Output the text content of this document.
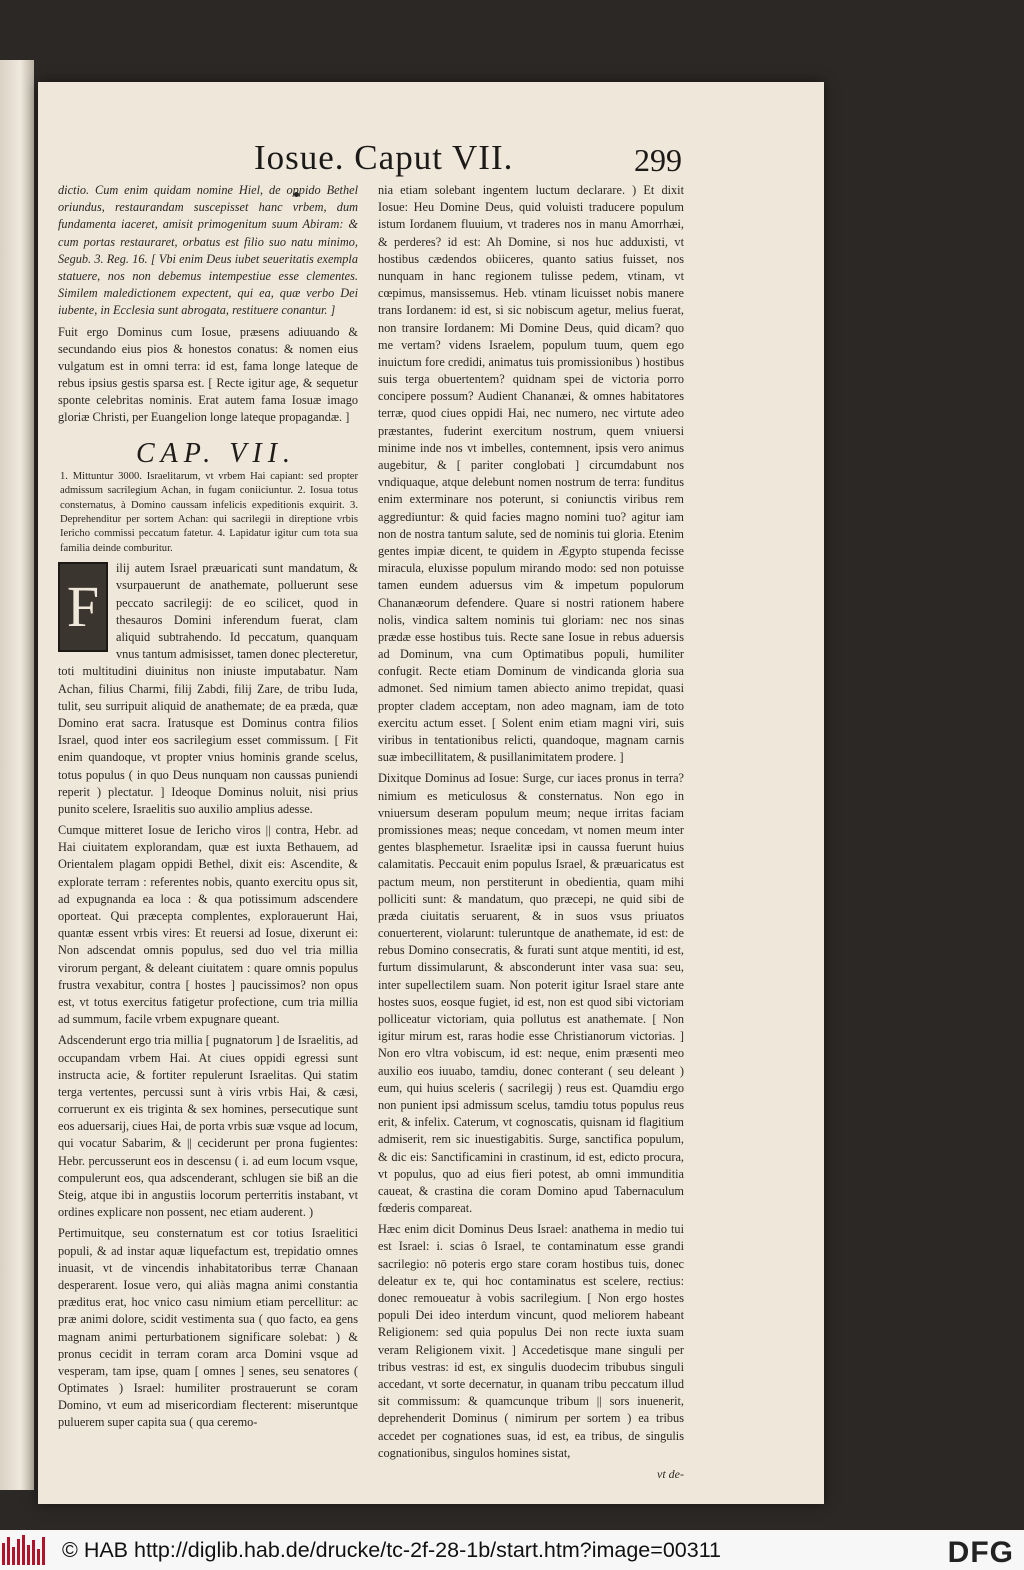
Iosue. Caput VII.	299

dictio. Cum enim quidam nomine Hiel, de oppido Bethel oriundus, restaurandam suscepisset hanc vrbem, dum fundamenta iaceret, amisit primogenitum suum Abiram: & cum portas restauraret, orbatus est filio suo natu minimo, Segub. 3. Reg. 16. [ Vbi enim Deus iubet seueritatis exempla statuere, nos non debemus intempestiue esse clementes. Similem maledictionem expectent, qui ea, quæ verbo Dei iubente, in Ecclesia sunt abrogata, restituere conantur. ]

Fuit ergo Dominus cum Iosue, præsens adiuuando & secundando eius pios & honestos conatus: & nomen eius vulgatum est in omni terra: id est, fama longe lateque de rebus ipsius gestis sparsa est. [ Recte igitur age, & sequetur sponte celebritas nominis. Erat autem fama Iosuæ imago gloriæ Christi, per Euangelion longe lateque propagandæ. ]

CAP. VII.

1. Mittuntur 3000. Israelitarum, vt vrbem Hai capiant: sed propter admissum sacrilegium Achan, in fugam coniiciuntur. 2. Iosua totus consternatus, à Domino caussam infelicis expeditionis exquirit. 3. Deprehenditur per sortem Achan: qui sacrilegii in direptione vrbis Iericho commissi peccatum fatetur. 4. Lapidatur igitur cum tota sua familia deinde comburitur.

F
ilij autem Israel præuaricati sunt mandatum, & vsurpauerunt de anathemate, polluerunt sese peccato sacrilegij: de eo scilicet, quod in thesauros Domini inferendum fuerat, clam aliquid subtrahendo. Id peccatum, quanquam vnus tantum admisisset, tamen donec plecteretur, toti multitudini diuinitus non iniuste imputabatur. Nam Achan, filius Charmi, filij Zabdi, filij Zare, de tribu Iuda, tulit, seu surripuit aliquid de anathemate; de ea præda, quæ Domino erat sacra. Iratusque est Dominus contra filios Israel, quod inter eos sacrilegium esset commissum. [ Fit enim quandoque, vt propter vnius hominis grande scelus, totus populus ( in quo Deus nunquam non caussas puniendi reperit ) plectatur. ] Ideoque Dominus noluit, nisi prius punito scelere, Israelitis suo auxilio amplius adesse.

Cumque mitteret Iosue de Iericho viros || contra, Hebr. ad Hai ciuitatem explorandam, quæ est iuxta Bethauem, ad Orientalem plagam oppidi Bethel, dixit eis: Ascendite, & explorate terram : referentes nobis, quanto exercitu opus sit, ad expugnanda ea loca : & qua potissimum adscendere oporteat. Qui præcepta complentes, explorauerunt Hai, quantæ essent vrbis vires: Et reuersi ad Iosue, dixerunt ei: Non adscendat omnis populus, sed duo vel tria millia virorum pergant, & deleant ciuitatem : quare omnis populus frustra vexabitur, contra [ hostes ] paucissimos? non opus est, vt totus exercitus fatigetur profectione, cum tria millia ad summum, facile vrbem expugnare queant.

Adscenderunt ergo tria millia [ pugnatorum ] de Israelitis, ad occupandam vrbem Hai. At ciues oppidi egressi sunt instructa acie, & fortiter repulerunt Israelitas. Qui statim terga vertentes, percussi sunt à viris vrbis Hai, & cæsi, corruerunt ex eis triginta & sex homines, persecutique sunt eos aduersarij, ciues Hai, de porta vrbis suæ vsque ad locum, qui vocatur Sabarim, & || ceciderunt per prona fugientes: Hebr. percusserunt eos in descensu ( i. ad eum locum vsque, compulerunt eos, qua adscenderant, schlugen sie biß an die Steig, atque ibi in angustiis locorum perterritis instabant, vt ordines explicare non possent, nec etiam auderent. )

Pertimuitque, seu consternatum est cor totius Israelitici populi, & ad instar aquæ liquefactum est, trepidatio omnes inuasit, vt de vincendis inhabitatoribus terræ Chanaan desperarent. Iosue vero, qui aliàs magna animi constantia præditus erat, hoc vnico casu nimium etiam percellitur: ac præ animi dolore, scidit vestimenta sua ( quo facto, ea gens magnam animi perturbationem significare solebat: ) & pronus cecidit in terram coram arca Domini vsque ad vesperam, tam ipse, quam [ omnes ] senes, seu senatores ( Optimates ) Israel: humiliter prostrauerunt se coram Domino, vt eum ad misericordiam flecterent: miseruntque puluerem super capita sua ( qua ceremo-

nia etiam solebant ingentem luctum declarare. ) Et dixit Iosue: Heu Domine Deus, quid voluisti traducere populum istum Iordanem fluuium, vt traderes nos in manu Amorrhæi, & perderes? id est: Ah Domine, si nos huc adduxisti, vt hostibus cædendos obiiceres, quanto satius fuisset, nos nunquam in hanc regionem tulisse pedem, vtinam, vt cœpimus, mansissemus. Heb. vtinam licuisset nobis manere trans Iordanem: id est, si sic nobiscum agetur, melius fuerat, non transire Iordanem: Mi Domine Deus, quid dicam? quo me vertam? videns Israelem, populum tuum, quem ego inuictum fore credidi, animatus tuis promissionibus ) hostibus suis terga obuertentem? quidnam spei de victoria porro concipere possum? Audient Chananæi, & omnes habitatores terræ, quod ciues oppidi Hai, nec numero, nec virtute adeo præstantes, fuderint exercitum nostrum, quem vniuersi minime inde nos vt imbelles, contemnent, ipsis vero animus augebitur, & [ pariter conglobati ] circumdabunt nos vndiquaque, atque delebunt nomen nostrum de terra: funditus enim exterminare nos poterunt, si coniunctis viribus rem aggrediuntur: & quid facies magno nomini tuo? agitur iam non de nostra tantum salute, sed de nominis tui gloria. Etenim gentes impiæ dicent, te quidem in Ægypto stupenda fecisse miracula, eluxisse populum mirando modo: sed non potuisse tamen eundem aduersus vim & impetum populorum Chananæorum defendere. Quare si nostri rationem habere nolis, vindica saltem nominis tui gloriam: nec nos sinas prædæ esse hostibus tuis. Recte sane Iosue in rebus aduersis ad Dominum, vna cum Optimatibus populi, humiliter confugit. Recte etiam Dominum de vindicanda gloria sua admonet. Sed nimium tamen abiecto animo trepidat, quasi propter cladem acceptam, non adeo magnam, iam de toto exercitu actum esset. [ Solent enim etiam magni viri, suis viribus in tentationibus relicti, quandoque, magnam carnis suæ imbecillitatem, & pusillanimitatem prodere. ]

Dixitque Dominus ad Iosue: Surge, cur iaces pronus in terra? nimium es meticulosus & consternatus. Non ego in vniuersum deseram populum meum; neque irritas faciam promissiones meas; neque concedam, vt nomen meum inter gentes blasphemetur. Israelitæ ipsi in caussa fuerunt huius calamitatis. Peccauit enim populus Israel, & præuaricatus est pactum meum, non perstiterunt in obedientia, quam mihi polliciti sunt: & mandatum, quo præcepi, ne quid sibi de præda ciuitatis seruarent, & in suos vsus priuatos conuerterent, violarunt: tuleruntque de anathemate, id est: de rebus Domino consecratis, & furati sunt atque mentiti, id est, furtum dissimularunt, & absconderunt inter vasa sua: seu, inter supellectilem suam. Non poterit igitur Israel stare ante hostes suos, eosque fugiet, id est, non est quod sibi victoriam polliceatur victoriam, quia pollutus est anathemate. [ Non igitur mirum est, raras hodie esse Christianorum victorias. ] Non ero vltra vobiscum, id est: neque, enim præsenti meo auxilio eos iuuabo, tamdiu, donec conterant ( seu deleant ) eum, qui huius sceleris ( sacrilegij ) reus est. Quamdiu ergo non punient ipsi admissum scelus, tamdiu totus populus reus erit, & infelix. Caterum, vt cognoscatis, quisnam id flagitium admiserit, rem sic inuestigabitis. Surge, sanctifica populum, & dic eis: Sanctificamini in crastinum, id est, edicto procura, vt populus, quo ad eius fieri potest, ab omni immunditia caueat, & crastina die coram Domino apud Tabernaculum fœderis compareat.

Hæc enim dicit Dominus Deus Israel: anathema in medio tui est Israel: i. scias ô Israel, te contaminatum esse grandi sacrilegio: nō poteris ergo stare coram hostibus tuis, donec deleatur ex te, qui hoc contaminatus est scelere, rectius: donec remoueatur à vobis sacrilegium. [ Non ergo hostes populi Dei ideo interdum vincunt, quod meliorem habeant Religionem: sed quia populus Dei non recte iuxta suam veram Religionem vixit. ] Accedetisque mane singuli per tribus vestras: id est, ex singulis duodecim tribubus singuli accedant, vt sorte decernatur, in quanam tribu peccatum illud sit commissum: & quamcunque tribum || sors inuenerit, deprehenderit Dominus ( nimirum per sortem ) ea tribus accedet per cognationes suas, id est, ea tribus, de singulis cognationibus, singulos homines sistat,

vt de-
© HAB http://diglib.hab.de/drucke/tc-2f-28-1b/start.htm?image=00311	DFG
